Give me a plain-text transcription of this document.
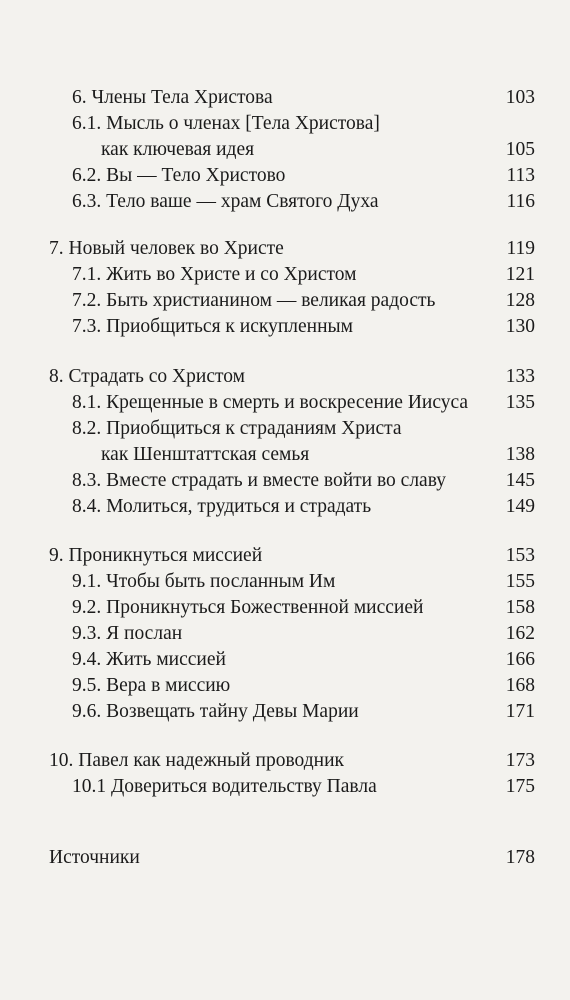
6. Члены Тела Христова	103
6.1. Мысль о членах [Тела Христова]
как ключевая идея	105
6.2. Вы — Тело Христово	113
6.3. Тело ваше — храм Святого Духа	116
7. Новый человек во Христе	119
7.1. Жить во Христе и со Христом	121
7.2. Быть христианином — великая радость	128
7.3. Приобщиться к искупленным	130
8. Страдать со Христом	133
8.1. Крещенные в смерть и воскресение Иисуса 135
8.2. Приобщиться к страданиям Христа
как Шенштаттская семья	138
8.3. Вместе страдать и вместе войти во славу	145
8.4. Молиться, трудиться и страдать	149
9. Проникнуться миссией	153
9.1. Чтобы быть посланным Им	155
9.2. Проникнуться Божественной миссией	158
9.3. Я послан	162
9.4. Жить миссией	166
9.5. Вера в миссию	168
9.6. Возвещать тайну Девы Марии	171
10. Павел как надежный проводник	173
10.1 Довериться водительству Павла	175
Источники	178
